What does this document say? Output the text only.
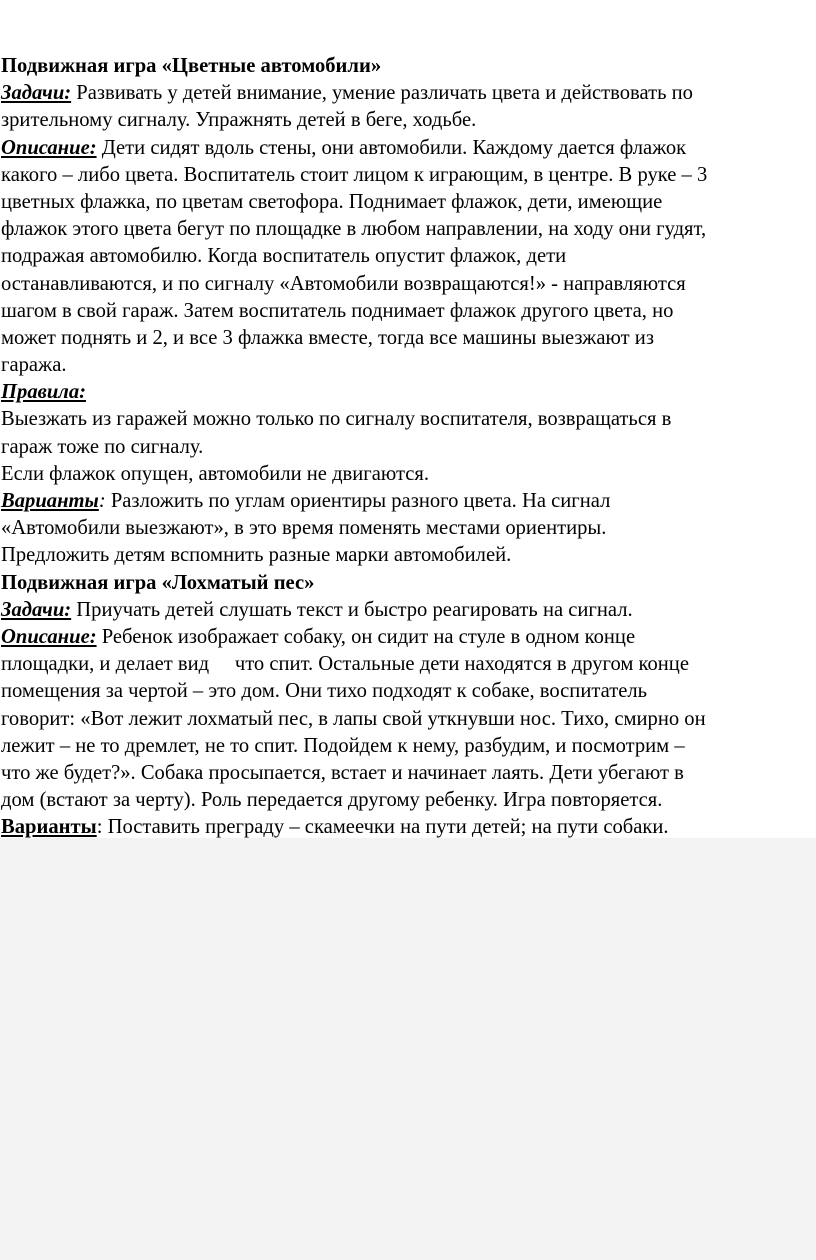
Подвижная игра «Цветные автомобили»
Задачи: Развивать у детей внимание, умение различать цвета и действовать по
зрительному сигналу. Упражнять детей в беге, ходьбе.
Описание: Дети сидят вдоль стены, они автомобили. Каждому дается флажок
какого – либо цвета. Воспитатель стоит лицом к играющим, в центре. В руке – 3
цветных флажка, по цветам светофора. Поднимает флажок, дети, имеющие
флажок этого цвета бегут по площадке в любом направлении, на ходу они гудят,
подражая автомобилю. Когда воспитатель опустит флажок, дети
останавливаются, и по сигналу «Автомобили возвращаются!» - направляются
шагом в свой гараж. Затем воспитатель поднимает флажок другого цвета, но
может поднять и 2, и все 3 флажка вместе, тогда все машины выезжают из
гаража.
Правила:
Выезжать из гаражей можно только по сигналу воспитателя, возвращаться в
гараж тоже по сигналу.
Если флажок опущен, автомобили не двигаются.
Варианты: Разложить по углам ориентиры разного цвета. На сигнал
«Автомобили выезжают», в это время поменять местами ориентиры.
Предложить детям вспомнить разные марки автомобилей.
Подвижная игра «Лохматый пес»
Задачи: Приучать детей слушать текст и быстро реагировать на сигнал.
Описание: Ребенок изображает собаку, он сидит на стуле в одном конце
площадки, и делает вид     что спит. Остальные дети находятся в другом конце
помещения за чертой – это дом. Они тихо подходят к собаке, воспитатель
говорит: «Вот лежит лохматый пес, в лапы свой уткнувши нос. Тихо, смирно он
лежит – не то дремлет, не то спит. Подойдем к нему, разбудим, и посмотрим –
что же будет?». Собака просыпается, встает и начинает лаять. Дети убегают в
дом (встают за черту). Роль передается другому ребенку. Игра повторяется.
Варианты: Поставить преграду – скамеечки на пути детей; на пути собаки.
